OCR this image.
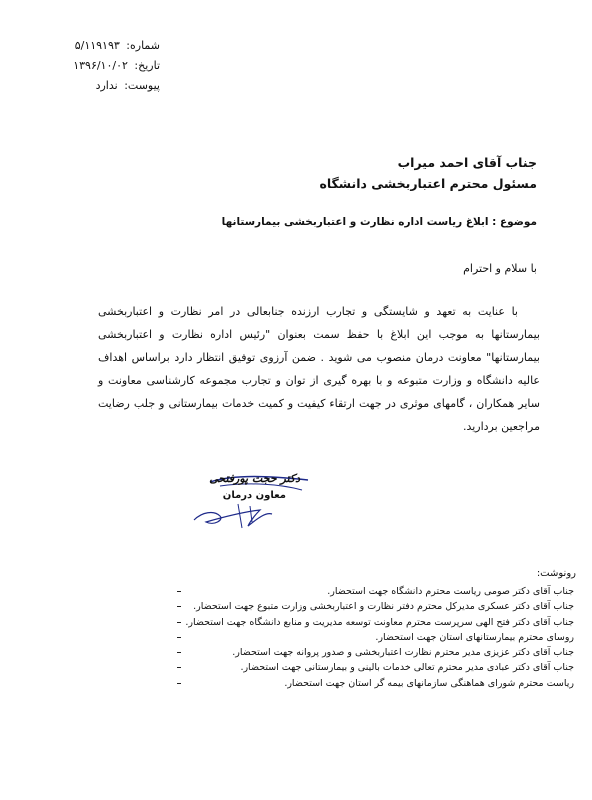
شماره: ۵/۱۱۹۱۹۳
تاریخ: ۱۳۹۶/۱۰/۰۲
پیوست: ندارد
جناب آقای احمد میراب
مسئول محترم اعتباربخشی دانشگاه
موضوع : ابلاغ ریاست اداره نظارت و اعتباربخشی بیمارستانها
با سلام و احترام
با عنایت به تعهد و شایستگی و تجارب ارزنده جنابعالی در امر نظارت و اعتباربخشی بیمارستانها به موجب این ابلاغ با حفظ سمت بعنوان "رئیس اداره نظارت و اعتباربخشی بیمارستانها" معاونت درمان منصوب می شوید . ضمن آرزوی توفیق انتظار دارد براساس اهداف عالیه دانشگاه و وزارت متبوعه و با بهره گیری از توان و تجارب مجموعه کارشناسی معاونت و سایر همکاران ، گامهای موثری در جهت ارتقاء کیفیت و کمیت خدمات بیمارستانی و جلب رضایت مراجعین بردارید.
دکتر حجت پورفتحی
معاون درمان
رونوشت:
جناب آقای دکتر صومی ریاست محترم دانشگاه جهت استحضار.
جناب آقای دکتر عسکری مدیرکل محترم دفتر نظارت و اعتباربخشی وزارت متبوع جهت استحضار.
جناب آقای دکتر فتح الهی سرپرست محترم معاونت توسعه مدیریت و منابع دانشگاه جهت استحضار.
روسای محترم بیمارستانهای استان جهت استحضار.
جناب آقای دکتر عزیزی مدیر محترم نظارت اعتباربخشی و صدور پروانه جهت استحضار.
جناب آقای دکتر عبادی مدیر محترم تعالی خدمات بالینی و بیمارستانی جهت استحضار.
ریاست محترم شورای هماهنگی سازمانهای بیمه گر استان جهت استحضار.
